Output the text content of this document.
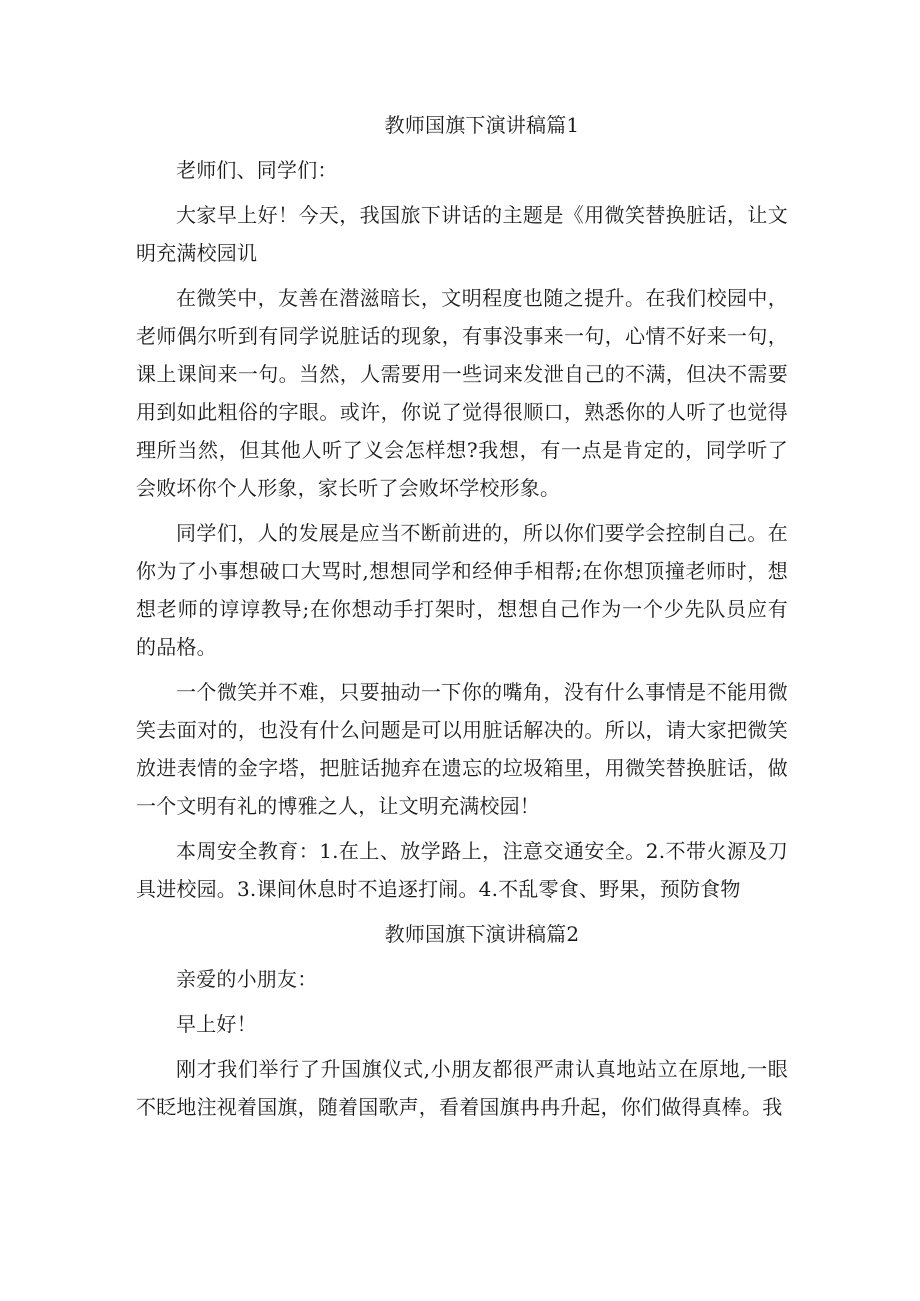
教师国旗下演讲稿篇1

老师们、同学们：

大家早上好！今天，我国旅下讲话的主题是《用微笑替换脏话，让文明充满校园讥

在微笑中，友善在潜滋暗长，文明程度也随之提升。在我们校园中，老师偶尔听到有同学说脏话的现象，有事没事来一句，心情不好来一句，课上课间来一句。当然，人需要用一些词来发泄自己的不满，但决不需要用到如此粗俗的字眼。或许，你说了觉得很顺口，熟悉你的人听了也觉得理所当然，但其他人听了义会怎样想?我想，有一点是肯定的，同学听了会败坏你个人形象，家长听了会败坏学校形象。

同学们，人的发展是应当不断前进的，所以你们要学会控制自己。在你为了小事想破口大骂时,想想同学和经伸手相帮;在你想顶撞老师时，想想老师的谆谆教导;在你想动手打架时，想想自己作为一个少先队员应有的品格。

一个微笑并不难，只要抽动一下你的嘴角，没有什么事情是不能用微笑去面对的，也没有什么问题是可以用脏话解决的。所以，请大家把微笑放进表情的金字塔，把脏话抛弃在遗忘的垃圾箱里，用微笑替换脏话，做一个文明有礼的博雅之人，让文明充满校园！

本周安全教育：1.在上、放学路上，注意交通安全。2.不带火源及刀具进校园。3.课间休息时不追逐打闹。4.不乱零食、野果，预防食物

教师国旗下演讲稿篇2

亲爱的小朋友：

早上好！

刚才我们举行了升国旗仪式,小朋友都很严肃认真地站立在原地,一眼不眨地注视着国旗，随着国歌声，看着国旗冉冉升起，你们做得真棒。我
